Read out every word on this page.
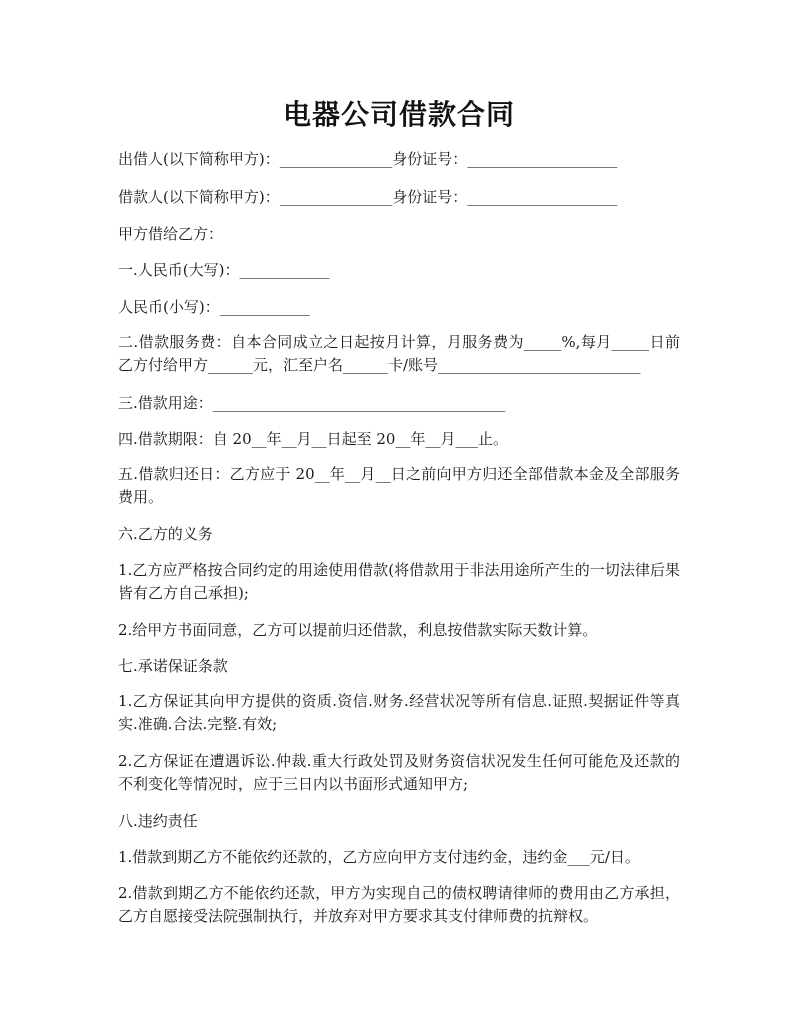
电器公司借款合同
出借人(以下简称甲方)：_______________身份证号：____________________
借款人(以下简称甲方)：_______________身份证号：____________________
甲方借给乙方：
一.人民币(大写)：____________
人民币(小写)：____________
二.借款服务费：自本合同成立之日起按月计算，月服务费为_____%,每月_____日前乙方付给甲方______元，汇至户名______卡/账号___________________________
三.借款用途：_______________________________________
四.借款期限：自 20__年__月__日起至 20__年__月___止。
五.借款归还日：乙方应于 20__年__月__日之前向甲方归还全部借款本金及全部服务费用。
六.乙方的义务
1.乙方应严格按合同约定的用途使用借款(将借款用于非法用途所产生的一切法律后果皆有乙方自己承担);
2.给甲方书面同意，乙方可以提前归还借款，利息按借款实际天数计算。
七.承诺保证条款
1.乙方保证其向甲方提供的资质.资信.财务.经营状况等所有信息.证照.契据证件等真实.准确.合法.完整.有效;
2.乙方保证在遭遇诉讼.仲裁.重大行政处罚及财务资信状况发生任何可能危及还款的不利变化等情况时，应于三日内以书面形式通知甲方;
八.违约责任
1.借款到期乙方不能依约还款的，乙方应向甲方支付违约金，违约金___元/日。
2.借款到期乙方不能依约还款，甲方为实现自己的债权聘请律师的费用由乙方承担，乙方自愿接受法院强制执行，并放弃对甲方要求其支付律师费的抗辩权。
